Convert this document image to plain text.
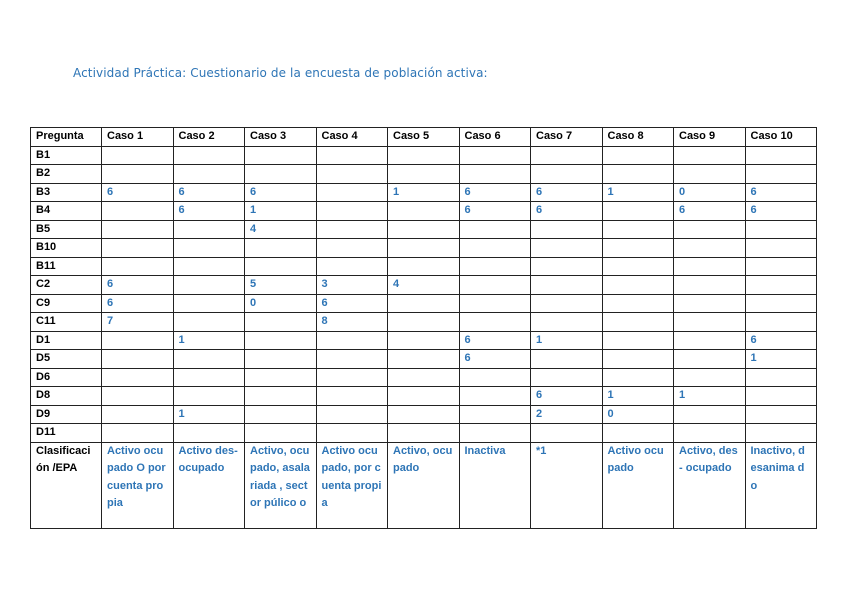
Actividad Práctica: Cuestionario de la encuesta de población activa:
Pregunta	Caso 1	Caso 2	Caso 3	Caso 4	Caso 5	Caso 6	Caso 7	Caso 8	Caso 9	Caso 10
B1										
B2										
B3	6	6	6		1	6	6	1	0	6
B4		6	1			6	6		6	6
B5			4							
B10										
B11										
C2	6		5	3	4					
C9	6		0	6						
C11	7			8						
D1		1				6	1			6
D5						6				1
D6										
D8							6	1	1	
D9		1					2	0		
D11										
Clasificaci ón /EPA	Activo ocupado O por cuenta propia	Activo des- ocupado	Activo, ocupado, asalariada , sector púlico o	Activo ocupado, por cuenta propia	Activo, ocupado	Inactiva	*1	Activo ocupado	Activo, des- ocupado	Inactivo, desanima do
